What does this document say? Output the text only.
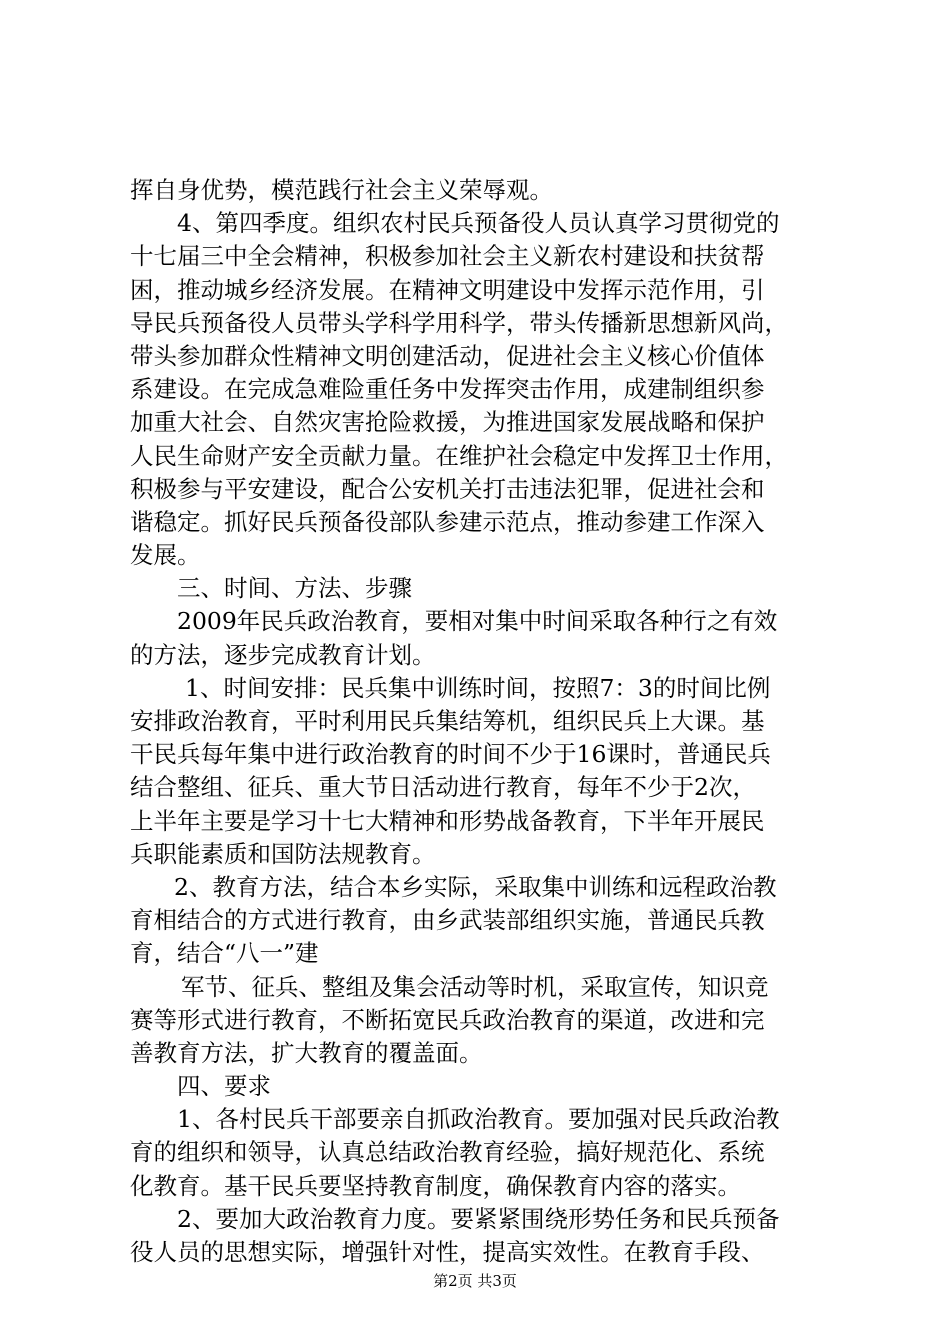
挥自身优势，模范践行社会主义荣辱观。
4、第四季度。组织农村民兵预备役人员认真学习贯彻党的
十七届三中全会精神，积极参加社会主义新农村建设和扶贫帮
困，推动城乡经济发展。在精神文明建设中发挥示范作用，引
导民兵预备役人员带头学科学用科学，带头传播新思想新风尚，
带头参加群众性精神文明创建活动，促进社会主义核心价值体
系建设。在完成急难险重任务中发挥突击作用，成建制组织参
加重大社会、自然灾害抢险救援，为推进国家发展战略和保护
人民生命财产安全贡献力量。在维护社会稳定中发挥卫士作用，
积极参与平安建设，配合公安机关打击违法犯罪，促进社会和
谐稳定。抓好民兵预备役部队参建示范点，推动参建工作深入
发展。
三、时间、方法、步骤
2009年民兵政治教育，要相对集中时间采取各种行之有效
的方法，逐步完成教育计划。
1、时间安排：民兵集中训练时间，按照7：3的时间比例
安排政治教育，平时利用民兵集结筹机，组织民兵上大课。基
干民兵每年集中进行政治教育的时间不少于16课时，普通民兵
结合整组、征兵、重大节日活动进行教育，每年不少于2次，
上半年主要是学习十七大精神和形势战备教育，下半年开展民
兵职能素质和国防法规教育。
2、教育方法，结合本乡实际，采取集中训练和远程政治教
育相结合的方式进行教育，由乡武装部组织实施，普通民兵教
育，结合“八一”建
军节、征兵、整组及集会活动等时机，采取宣传，知识竞
赛等形式进行教育，不断拓宽民兵政治教育的渠道，改进和完
善教育方法，扩大教育的覆盖面。
四、要求
1、各村民兵干部要亲自抓政治教育。要加强对民兵政治教
育的组织和领导，认真总结政治教育经验，搞好规范化、系统
化教育。基干民兵要坚持教育制度，确保教育内容的落实。
2、要加大政治教育力度。要紧紧围绕形势任务和民兵预备
役人员的思想实际，增强针对性，提高实效性。在教育手段、
第2页 共3页
